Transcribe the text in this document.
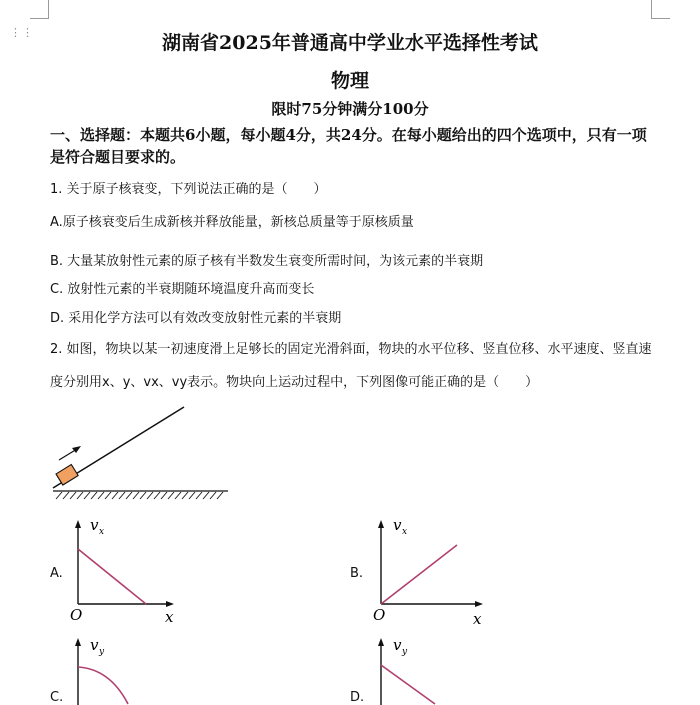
⋮⋮	湖南省2025年普通高中学业水平选择性考试
物理
限时75分钟满分100分
一、选择题：本题共6小题，每小题4分，共24分。在每小题给出的四个选项中，只有一项
是符合题目要求的。
1. 关于原子核衰变，下列说法正确的是（　　）
A.原子核衰变后生成新核并释放能量，新核总质量等于原核质量
B. 大量某放射性元素的原子核有半数发生衰变所需时间，为该元素的半衰期
C. 放射性元素的半衰期随环境温度升高而变长
D. 采用化学方法可以有效改变放射性元素的半衰期
2. 如图，物块以某一初速度滑上足够长的固定光滑斜面，物块的水平位移、竖直位移、水平速度、竖直速
度分别用x、y、vx、vy表示。物块向上运动过程中，下列图像可能正确的是（　　）
A.
v x
O	x
B.
v x
O	x
C.
v y
D.
v y
